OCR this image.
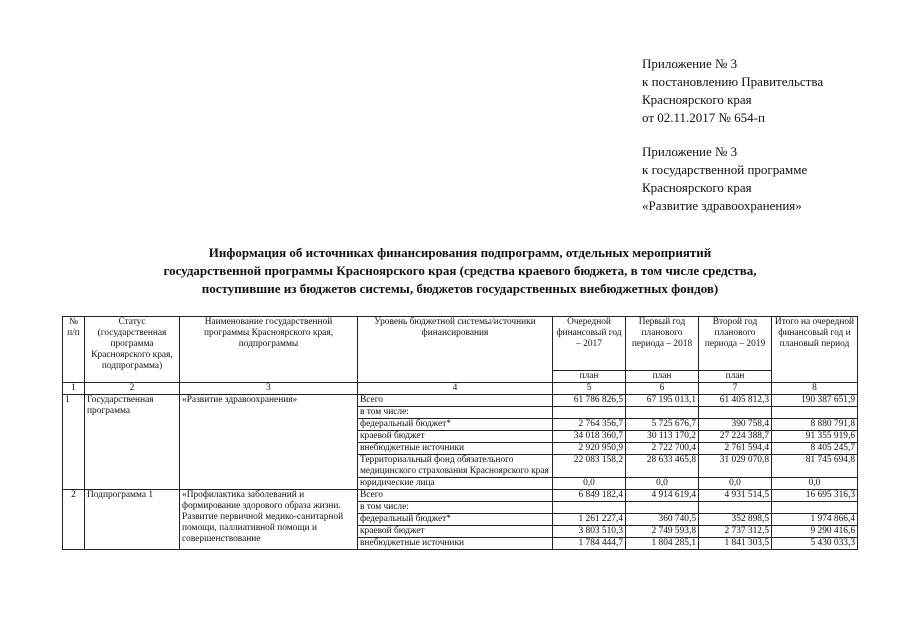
Приложение № 3
к постановлению Правительства
Красноярского края
от 02.11.2017 № 654-п
Приложение № 3
к государственной программе
Красноярского края
«Развитие здравоохранения»
Информация об источниках финансирования подпрограмм, отдельных мероприятий
государственной программы Красноярского края (средства краевого бюджета, в том числе средства,
поступившие из бюджетов системы, бюджетов государственных внебюджетных фондов)
№ п/п	Статус (государственная программа Красноярского края, подпрограмма)	Наименование государственной программы Красноярского края, подпрограммы	Уровень бюджетной системы/источники финансирования	Очередной финансовый год – 2017	Первый год планового периода – 2018	Второй год планового периода – 2019	Итого на очередной финансовый год и плановый период
				план	план	план	
1	2	3	4	5	6	7	8
1	Государственная программа	«Развитие здравоохранения»	Всего	61 786 826,5	67 195 013,1	61 405 812,3	190 387 651,9
			в том числе:				
			федеральный бюджет*	2 764 356,7	5 725 676,7	390 758,4	8 880 791,8
			краевой бюджет	34 018 360,7	30 113 170,2	27 224 388,7	91 355 919,6
			внебюджетные источники	2 920 950,9	2 722 700,4	2 761 594,4	8 405 245,7
			Территориальный фонд обязательного медицинского страхования Красноярского края	22 083 158,2	28 633 465,8	31 029 070,8	81 745 694,8
			юридические лица	0,0	0,0	0,0	0,0
2	Подпрограмма 1	«Профилактика заболеваний и формирование здорового образа жизни. Развитие первичной медико-санитарной помощи, паллиативной помощи и совершенствование	Всего	6 849 182,4	4 914 619,4	4 931 514,5	16 695 316,3
			в том числе:				
			федеральный бюджет*	1 261 227,4	360 740,5	352 898,5	1 974 866,4
			краевой бюджет	3 803 510,3	2 749 593,8	2 737 312,5	9 290 416,6
			внебюджетные источники	1 784 444,7	1 804 285,1	1 841 303,5	5 430 033,3
